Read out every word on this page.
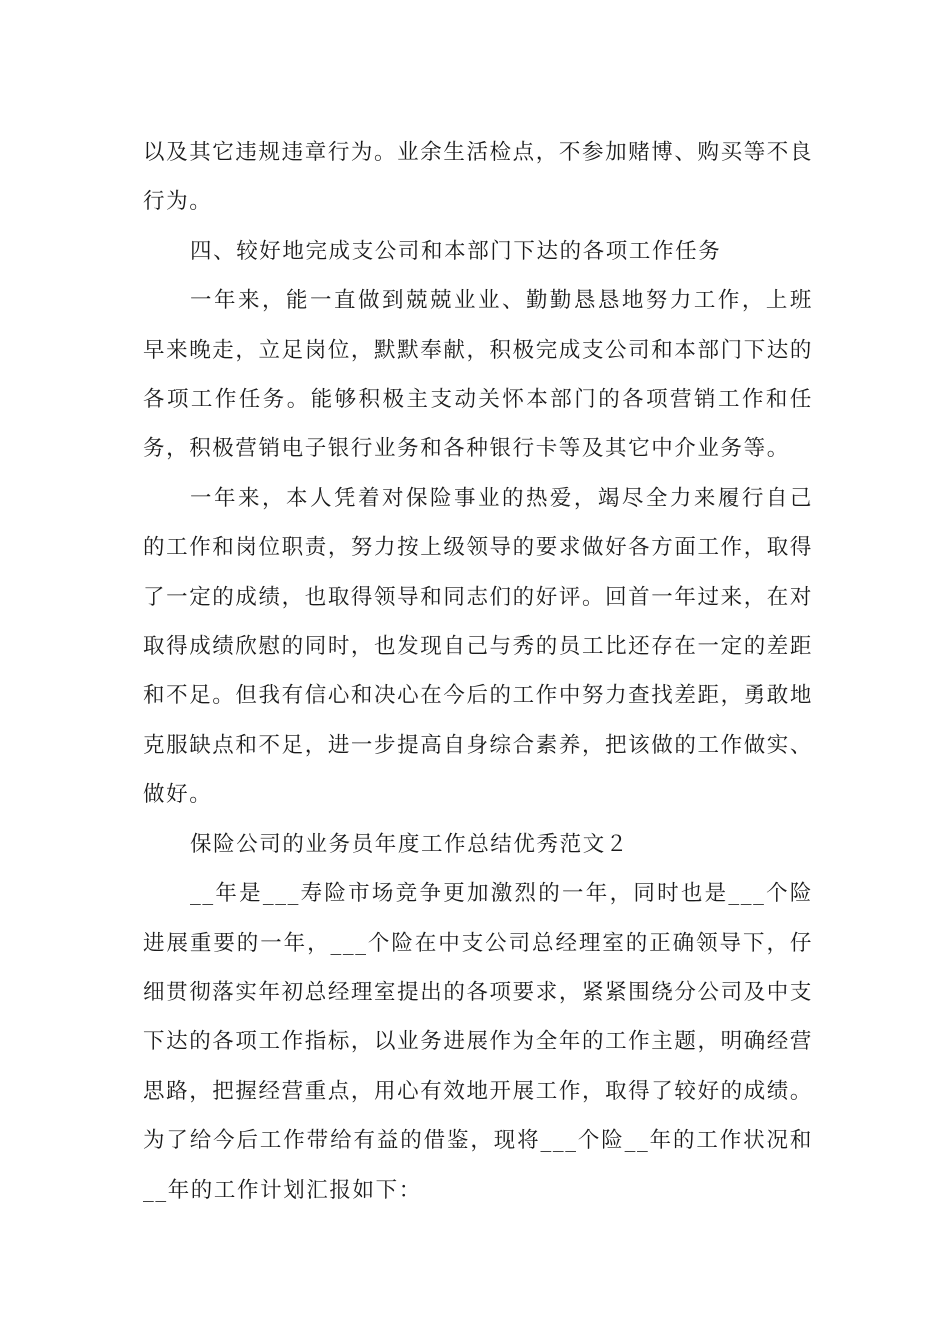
以及其它违规违章行为。业余生活检点，不参加赌博、购买等不良行为。

四、较好地完成支公司和本部门下达的各项工作任务

一年来，能一直做到兢兢业业、勤勤恳恳地努力工作，上班早来晚走，立足岗位，默默奉献，积极完成支公司和本部门下达的各项工作任务。能够积极主支动关怀本部门的各项营销工作和任务，积极营销电子银行业务和各种银行卡等及其它中介业务等。

一年来，本人凭着对保险事业的热爱，竭尽全力来履行自己的工作和岗位职责，努力按上级领导的要求做好各方面工作，取得了一定的成绩，也取得领导和同志们的好评。回首一年过来，在对取得成绩欣慰的同时，也发现自己与秀的员工比还存在一定的差距和不足。但我有信心和决心在今后的工作中努力查找差距，勇敢地克服缺点和不足，进一步提高自身综合素养，把该做的工作做实、做好。

保险公司的业务员年度工作总结优秀范文２

__年是___寿险市场竞争更加激烈的一年，同时也是___个险进展重要的一年，___个险在中支公司总经理室的正确领导下，仔细贯彻落实年初总经理室提出的各项要求，紧紧围绕分公司及中支下达的各项工作指标，以业务进展作为全年的工作主题，明确经营思路，把握经营重点，用心有效地开展工作，取得了较好的成绩。为了给今后工作带给有益的借鉴，现将___个险__年的工作状况和__年的工作计划汇报如下：
